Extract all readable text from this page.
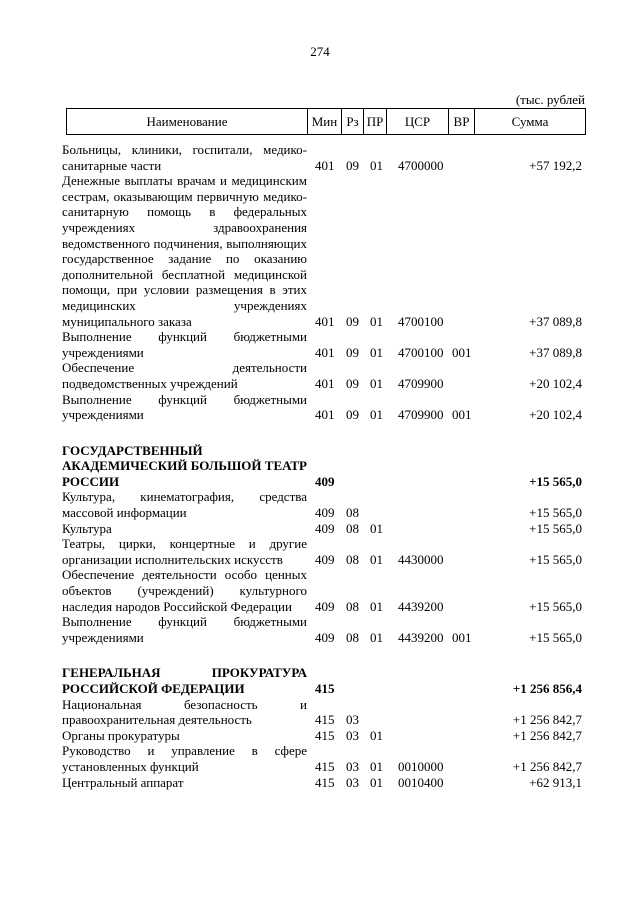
274
(тыс. рублей
Наименование	Мин	Рз	ПР	ЦСР	ВР	Сумма
Больницы, клиники, госпитали, медико-санитарные части	401 09 01 4700000	+57 192,2
Денежные выплаты врачам и медицинским сестрам, оказывающим первичную медико-санитарную помощь в федеральных учреждениях здравоохранения ведомственного подчинения, выполняющих государственное задание по оказанию дополнительной бесплатной медицинской помощи, при условии размещения в этих медицинских учреждениях муниципального заказа	401 09 01 4700100	+37 089,8
Выполнение функций бюджетными учреждениями	401 09 01 4700100 001	+37 089,8
Обеспечение деятельности подведомственных учреждений	401 09 01 4709900	+20 102,4
Выполнение функций бюджетными учреждениями	401 09 01 4709900 001	+20 102,4
ГОСУДАРСТВЕННЫЙ АКАДЕМИЧЕСКИЙ БОЛЬШОЙ ТЕАТР РОССИИ	409	+15 565,0
Культура, кинематография, средства массовой информации	409 08	+15 565,0
Культура	409 08 01	+15 565,0
Театры, цирки, концертные и другие организации исполнительских искусств	409 08 01 4430000	+15 565,0
Обеспечение деятельности особо ценных объектов (учреждений) культурного наследия народов Российской Федерации	409 08 01 4439200	+15 565,0
Выполнение функций бюджетными учреждениями	409 08 01 4439200 001	+15 565,0
ГЕНЕРАЛЬНАЯ ПРОКУРАТУРА РОССИЙСКОЙ ФЕДЕРАЦИИ	415	+1 256 856,4
Национальная безопасность и правоохранительная деятельность	415 03	+1 256 842,7
Органы прокуратуры	415 03 01	+1 256 842,7
Руководство и управление в сфере установленных функций	415 03 01 0010000	+1 256 842,7
Центральный аппарат	415 03 01 0010400	+62 913,1
